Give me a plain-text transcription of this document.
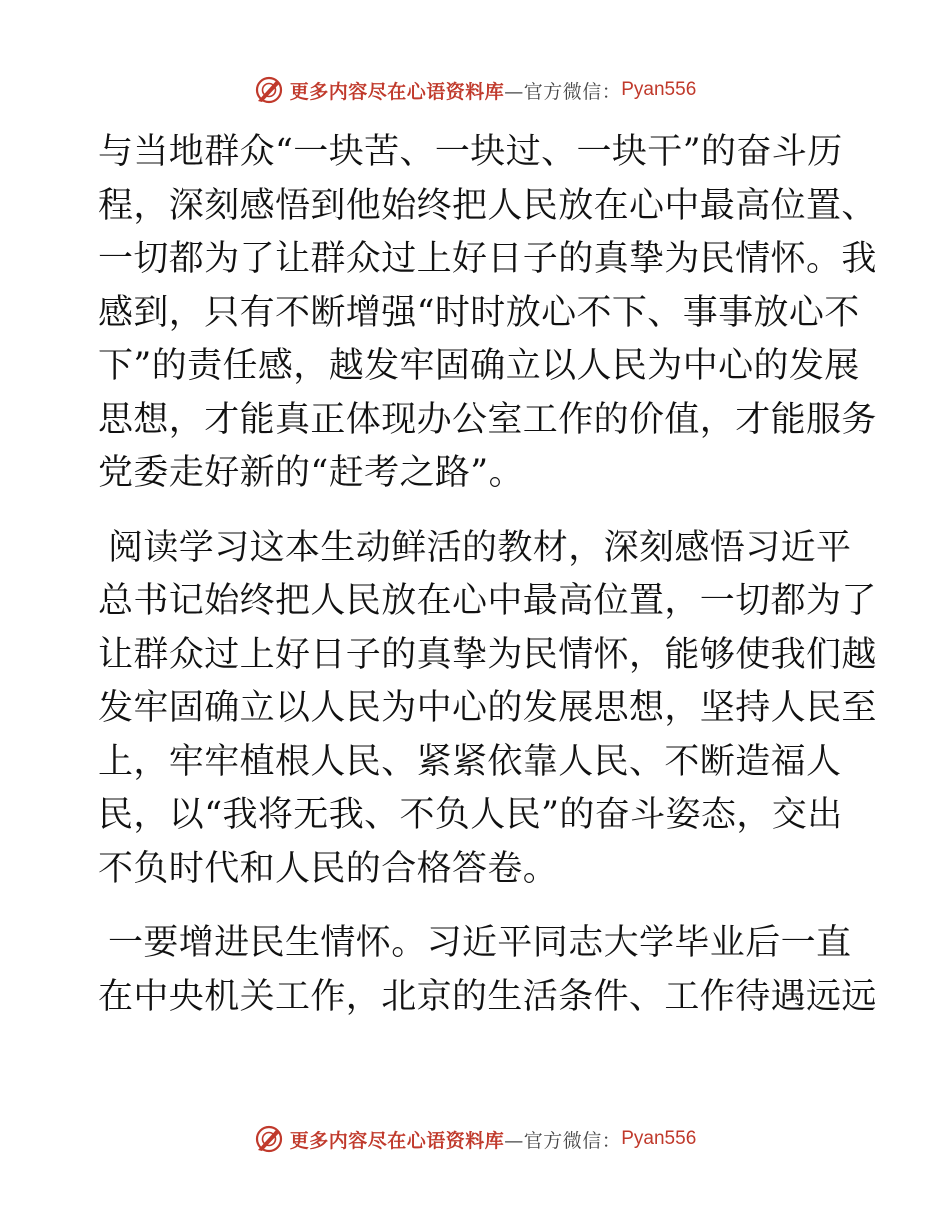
更多内容尽在心语资料库 —官方微信： Pyan556

与当地群众“一块苦、一块过、一块干”的奋斗历

程，深刻感悟到他始终把人民放在心中最高位置、

一切都为了让群众过上好日子的真挚为民情怀。我

感到，只有不断增强“时时放心不下、事事放心不

下”的责任感，越发牢固确立以人民为中心的发展

思想，才能真正体现办公室工作的价值，才能服务

党委走好新的“赶考之路”。

阅读学习这本生动鲜活的教材，深刻感悟习近平

总书记始终把人民放在心中最高位置，一切都为了

让群众过上好日子的真挚为民情怀，能够使我们越

发牢固确立以人民为中心的发展思想，坚持人民至

上，牢牢植根人民、紧紧依靠人民、不断造福人

民，以“我将无我、不负人民”的奋斗姿态，交出

不负时代和人民的合格答卷。

一要增进民生情怀。习近平同志大学毕业后一直

在中央机关工作，北京的生活条件、工作待遇远远

更多内容尽在心语资料库 —官方微信： Pyan556
